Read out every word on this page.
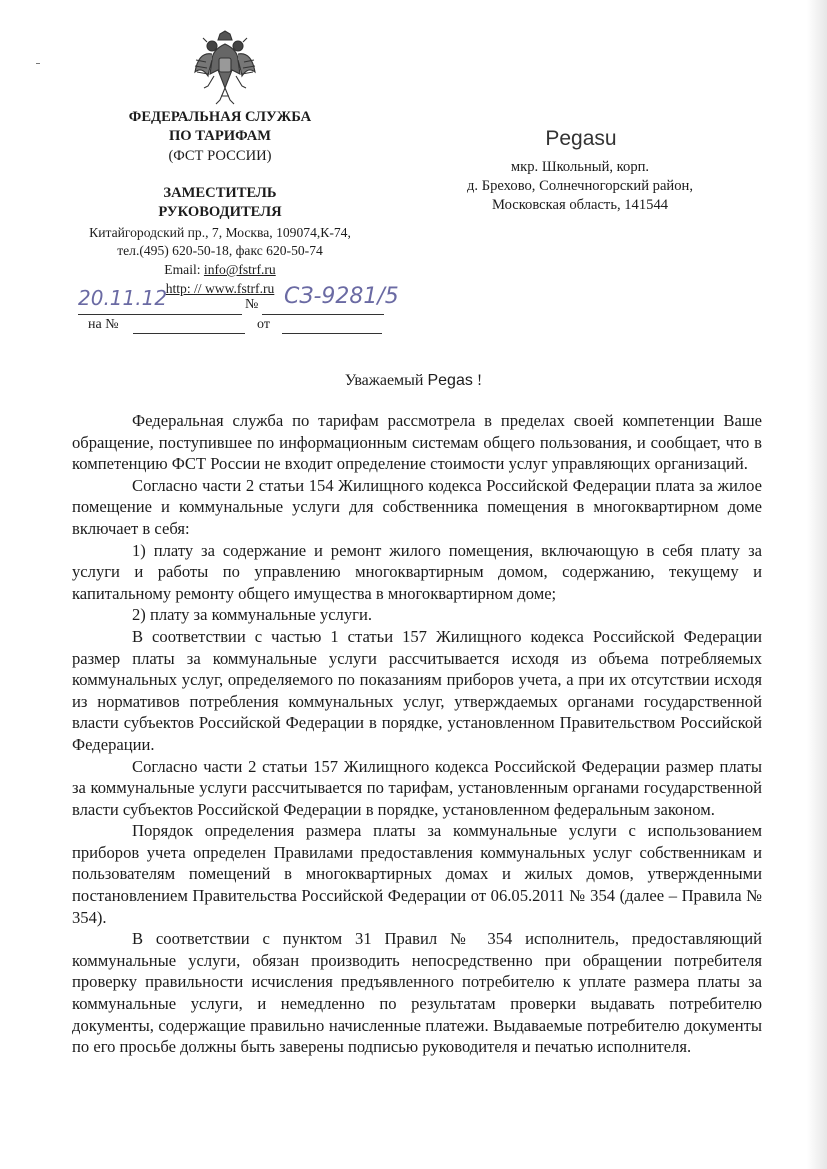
ФЕДЕРАЛЬНАЯ СЛУЖБА
ПО ТАРИФАМ
(ФСТ РОССИИ)
ЗАМЕСТИТЕЛЬ
РУКОВОДИТЕЛЯ
Китайгородский пр., 7, Москва, 109074,К-74,
тел.(495) 620-50-18, факс 620-50-74
Email: info@fstrf.ru
http: // www.fstrf.ru
20.11.12	№ СЗ-9281/5
на №	от
Pegasu
мкр. Школьный, корп.
д. Брехово, Солнечногорский район,
Московская область, 141544
Уважаемый Pegas !

Федеральная служба по тарифам рассмотрела в пределах своей компетенции Ваше обращение, поступившее по информационным системам общего пользования, и сообщает, что в компетенцию ФСТ России не входит определение стоимости услуг управляющих организаций.

Согласно части 2 статьи 154 Жилищного кодекса Российской Федерации плата за жилое помещение и коммунальные услуги для собственника помещения в многоквартирном доме включает в себя:

1) плату за содержание и ремонт жилого помещения, включающую в себя плату за услуги и работы по управлению многоквартирным домом, содержанию, текущему и капитальному ремонту общего имущества в многоквартирном доме;

2) плату за коммунальные услуги.

В соответствии с частью 1 статьи 157 Жилищного кодекса Российской Федерации размер платы за коммунальные услуги рассчитывается исходя из объема потребляемых коммунальных услуг, определяемого по показаниям приборов учета, а при их отсутствии исходя из нормативов потребления коммунальных услуг, утверждаемых органами государственной власти субъектов Российской Федерации в порядке, установленном Правительством Российской Федерации.

Согласно части 2 статьи 157 Жилищного кодекса Российской Федерации размер платы за коммунальные услуги рассчитывается по тарифам, установленным органами государственной власти субъектов Российской Федерации в порядке, установленном федеральным законом.

Порядок определения размера платы за коммунальные услуги с использованием приборов учета определен Правилами предоставления коммунальных услуг собственникам и пользователям помещений в многоквартирных домах и жилых домов, утвержденными постановлением Правительства Российской Федерации от 06.05.2011 № 354 (далее – Правила № 354).

В соответствии с пунктом 31 Правил № 354 исполнитель, предоставляющий коммунальные услуги, обязан производить непосредственно при обращении потребителя проверку правильности исчисления предъявленного потребителю к уплате размера платы за коммунальные услуги, и немедленно по результатам проверки выдавать потребителю документы, содержащие правильно начисленные платежи. Выдаваемые потребителю документы по его просьбе должны быть заверены подписью руководителя и печатью исполнителя.
